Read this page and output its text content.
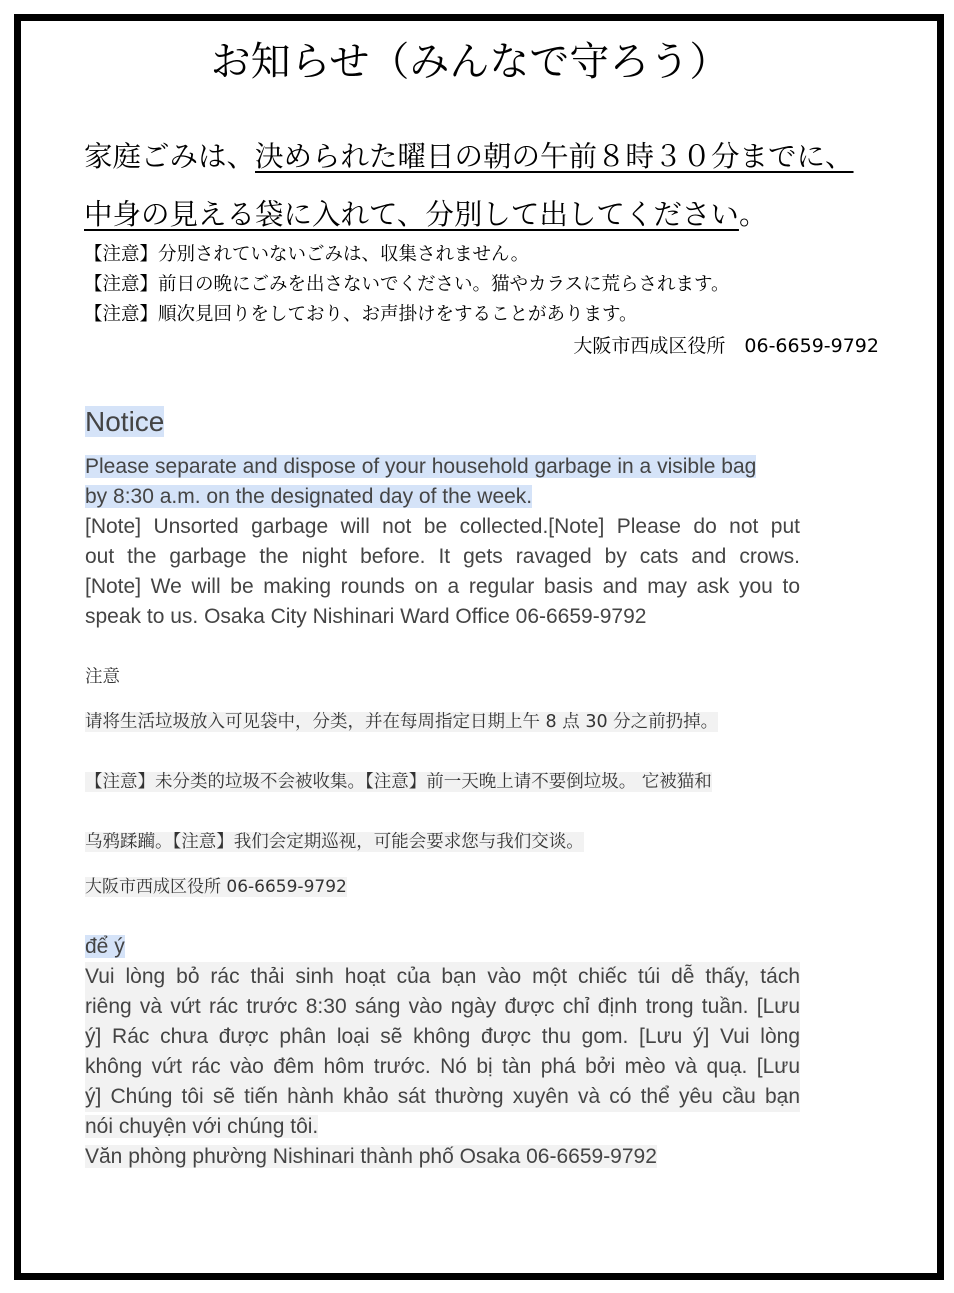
お知らせ（みんなで守ろう）
家庭ごみは、決められた曜日の朝の午前８時３０分までに、
中身の見える袋に入れて、分別して出してください。
【注意】分別されていないごみは、収集されません。
【注意】前日の晩にごみを出さないでください。猫やカラスに荒らされます。
【注意】順次見回りをしており、お声掛けをすることがあります。
大阪市西成区役所　06-6659-9792
Notice
Please separate and dispose of your household garbage in a visible bag
by 8:30 a.m. on the designated day of the week.
[Note] Unsorted garbage will not be collected.[Note] Please do not put
out the garbage the night before. It gets ravaged by cats and crows.
[Note] We will be making rounds on a regular basis and may ask you to
speak to us. Osaka City Nishinari Ward Office 06-6659-9792
注意
请将生活垃圾放入可见袋中，分类，并在每周指定日期上午 8 点 30 分之前扔掉。
【注意】未分类的垃圾不会被收集。【注意】前一天晚上请不要倒垃圾。 它被猫和
乌鸦蹂躏。【注意】我们会定期巡视，可能会要求您与我们交谈。
大阪市西成区役所 06-6659-9792
để ý
Vui lòng bỏ rác thải sinh hoạt của bạn vào một chiếc túi dễ thấy, tách
riêng và vứt rác trước 8:30 sáng vào ngày được chỉ định trong tuần. [Lưu
ý] Rác chưa được phân loại sẽ không được thu gom. [Lưu ý] Vui lòng
không vứt rác vào đêm hôm trước. Nó bị tàn phá bởi mèo và quạ. [Lưu
ý] Chúng tôi sẽ tiến hành khảo sát thường xuyên và có thể yêu cầu bạn
nói chuyện với chúng tôi.
Văn phòng phường Nishinari thành phố Osaka 06-6659-9792
